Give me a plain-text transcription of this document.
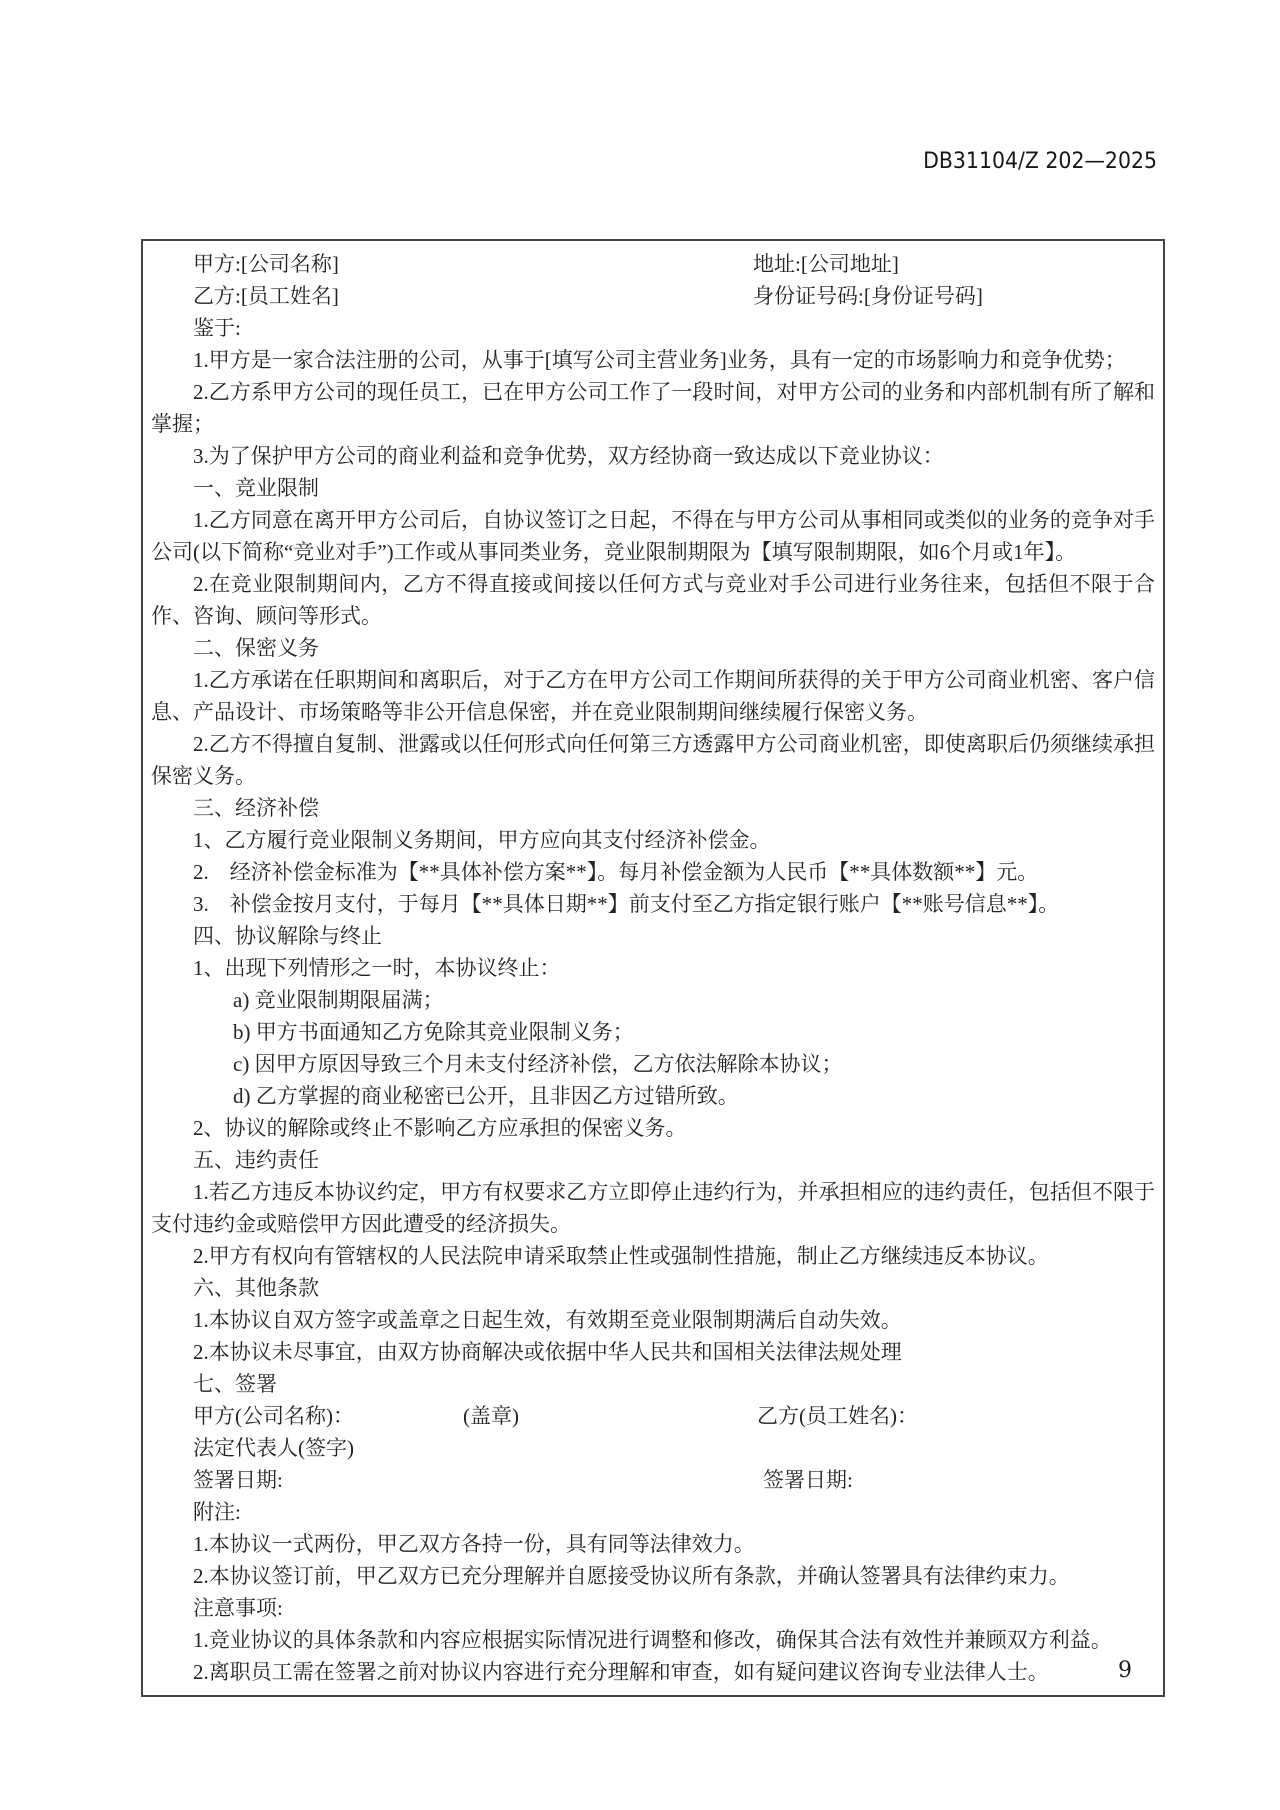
DB31104/Z 202—2025
甲方:[公司名称]	地址:[公司地址]
乙方:[员工姓名]	身份证号码:[身份证号码]
鉴于:
1.甲方是一家合法注册的公司，从事于[填写公司主营业务]业务，具有一定的市场影响力和竞争优势；
2.乙方系甲方公司的现任员工，已在甲方公司工作了一段时间，对甲方公司的业务和内部机制有所了解和掌握；
3.为了保护甲方公司的商业利益和竞争优势，双方经协商一致达成以下竞业协议：
一、竞业限制
1.乙方同意在离开甲方公司后，自协议签订之日起，不得在与甲方公司从事相同或类似的业务的竞争对手公司(以下简称“竞业对手”)工作或从事同类业务，竞业限制期限为【填写限制期限，如6个月或1年】。
2.在竞业限制期间内，乙方不得直接或间接以任何方式与竞业对手公司进行业务往来，包括但不限于合作、咨询、顾问等形式。
二、保密义务
1.乙方承诺在任职期间和离职后，对于乙方在甲方公司工作期间所获得的关于甲方公司商业机密、客户信息、产品设计、市场策略等非公开信息保密，并在竞业限制期间继续履行保密义务。
2.乙方不得擅自复制、泄露或以任何形式向任何第三方透露甲方公司商业机密，即使离职后仍须继续承担保密义务。
三、经济补偿
1、乙方履行竞业限制义务期间，甲方应向其支付经济补偿金。
2.　经济补偿金标准为【**具体补偿方案**】。每月补偿金额为人民币【**具体数额**】元。
3.　补偿金按月支付，于每月【**具体日期**】前支付至乙方指定银行账户【**账号信息**】。
四、协议解除与终止
1、出现下列情形之一时，本协议终止：
a) 竞业限制期限届满；
b) 甲方书面通知乙方免除其竞业限制义务；
c) 因甲方原因导致三个月未支付经济补偿，乙方依法解除本协议；
d) 乙方掌握的商业秘密已公开，且非因乙方过错所致。
2、协议的解除或终止不影响乙方应承担的保密义务。
五、违约责任
1.若乙方违反本协议约定，甲方有权要求乙方立即停止违约行为，并承担相应的违约责任，包括但不限于支付违约金或赔偿甲方因此遭受的经济损失。
2.甲方有权向有管辖权的人民法院申请采取禁止性或强制性措施，制止乙方继续违反本协议。
六、其他条款
1.本协议自双方签字或盖章之日起生效，有效期至竞业限制期满后自动失效。
2.本协议未尽事宜，由双方协商解决或依据中华人民共和国相关法律法规处理
七、签署
甲方(公司名称)：	(盖章)	乙方(员工姓名)：
法定代表人(签字)
签署日期:	签署日期:
附注:
1.本协议一式两份，甲乙双方各持一份，具有同等法律效力。
2.本协议签订前，甲乙双方已充分理解并自愿接受协议所有条款，并确认签署具有法律约束力。
注意事项:
1.竞业协议的具体条款和内容应根据实际情况进行调整和修改，确保其合法有效性并兼顾双方利益。
2.离职员工需在签署之前对协议内容进行充分理解和审查，如有疑问建议咨询专业法律人士。	9
